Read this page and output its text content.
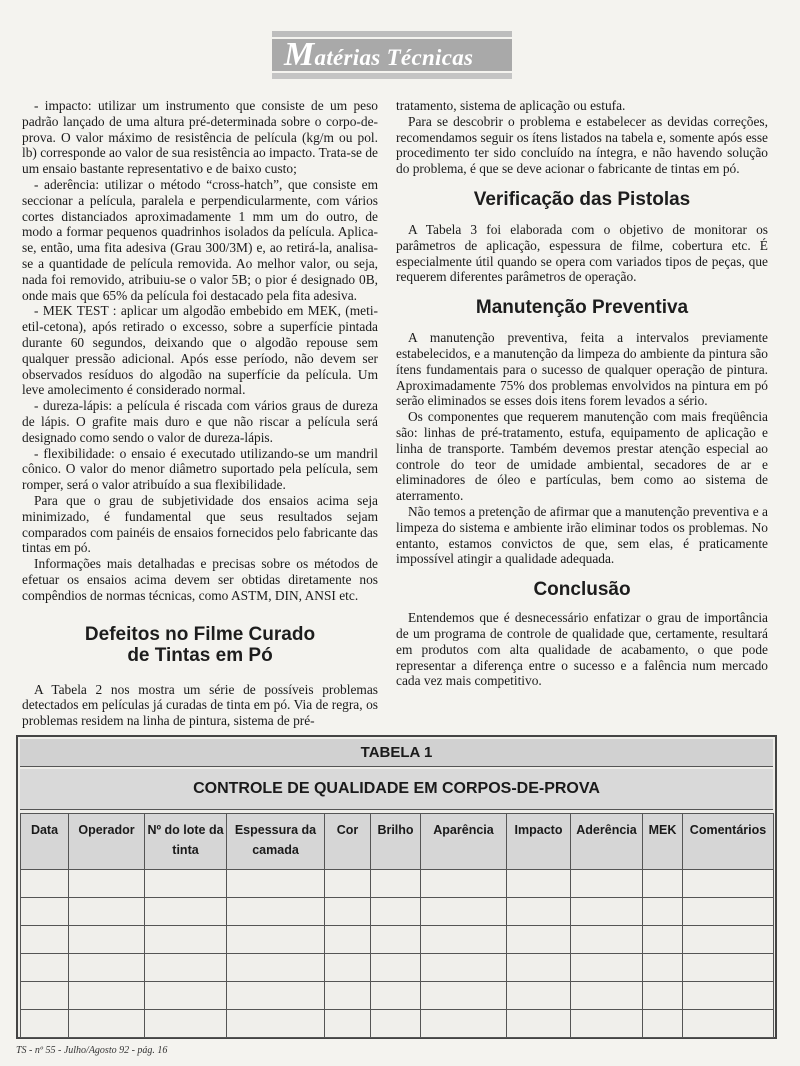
Matérias Técnicas

- impacto: utilizar um instrumento que consiste de um peso padrão lançado de uma altura pré-determinada sobre o corpo-de-prova. O valor máximo de resistência de película (kg/m ou pol. lb) corresponde ao valor de sua resistência ao impacto. Trata-se de um ensaio bastante representativo e de baixo custo;

- aderência: utilizar o método “cross-hatch”, que consiste em seccionar a película, paralela e perpendicularmente, com vários cortes distanciados aproximadamente 1 mm um do outro, de modo a formar pequenos quadrinhos isolados da película. Aplica-se, então, uma fita adesiva (Grau 300/3M) e, ao retirá-la, analisa-se a quantidade de película removida. Ao melhor valor, ou seja, nada foi removido, atribuiu-se o valor 5B; o pior é designado 0B, onde mais que 65% da película foi destacado pela fita adesiva.

- MEK TEST : aplicar um algodão embebido em MEK, (meti-etil-cetona), após retirado o excesso, sobre a superfície pintada durante 60 segundos, deixando que o algodão repouse sem qualquer pressão adicional. Após esse período, não devem ser observados resíduos do algodão na superfície da película. Um leve amolecimento é considerado normal.

- dureza-lápis: a película é riscada com vários graus de dureza de lápis. O grafite mais duro e que não riscar a película será designado como sendo o valor de dureza-lápis.

- flexibilidade: o ensaio é executado utilizando-se um mandril cônico. O valor do menor diâmetro suportado pela película, sem romper, será o valor atribuído a sua flexibilidade.

Para que o grau de subjetividade dos ensaios acima seja minimizado, é fundamental que seus resultados sejam comparados com painéis de ensaios fornecidos pelo fabricante das tintas em pó.

Informações mais detalhadas e precisas sobre os métodos de efetuar os ensaios acima devem ser obtidas diretamente nos compêndios de normas técnicas, como ASTM, DIN, ANSI etc.

Defeitos no Filme Curado
de Tintas em Pó

A Tabela 2 nos mostra um série de possíveis problemas detectados em películas já curadas de tinta em pó. Via de regra, os problemas residem na linha de pintura, sistema de pré-

tratamento, sistema de aplicação ou estufa.

Para se descobrir o problema e estabelecer as devidas correções, recomendamos seguir os ítens listados na tabela e, somente após esse procedimento ter sido concluído na íntegra, e não havendo solução do problema, é que se deve acionar o fabricante de tintas em pó.

Verificação das Pistolas

A Tabela 3 foi elaborada com o objetivo de monitorar os parâmetros de aplicação, espessura de filme, cobertura etc. É especialmente útil quando se opera com variados tipos de peças, que requerem diferentes parâmetros de operação.

Manutenção Preventiva

A manutenção preventiva, feita a intervalos previamente estabelecidos, e a manutenção da limpeza do ambiente da pintura são ítens fundamentais para o sucesso de qualquer operação de pintura. Aproximadamente 75% dos problemas envolvidos na pintura em pó serão eliminados se esses dois itens forem levados a sério.

Os componentes que requerem manutenção com mais freqüência são: linhas de pré-tratamento, estufa, equipamento de aplicação e linha de transporte. Também devemos prestar atenção especial ao controle do teor de umidade ambiental, secadores de ar e eliminadores de óleo e partículas, bem como ao sistema de aterramento.

Não temos a pretenção de afirmar que a manutenção preventiva e a limpeza do sistema e ambiente irão eliminar todos os problemas. No entanto, estamos convictos de que, sem elas, é praticamente impossível atingir a qualidade adequada.

Conclusão

Entendemos que é desnecessário enfatizar o grau de importância de um programa de controle de qualidade que, certamente, resultará em produtos com alta qualidade de acabamento, o que pode representar a diferença entre o sucesso e a falência num mercado cada vez mais competitivo.

TABELA 1
CONTROLE DE QUALIDADE EM CORPOS-DE-PROVA
Data	Operador	Nº do lote da tinta	Espessura da camada	Cor	Brilho	Aparência	Impacto	Aderência	MEK	Comentários

TS - nº 55 - Julho/Agosto 92 - pág. 16
